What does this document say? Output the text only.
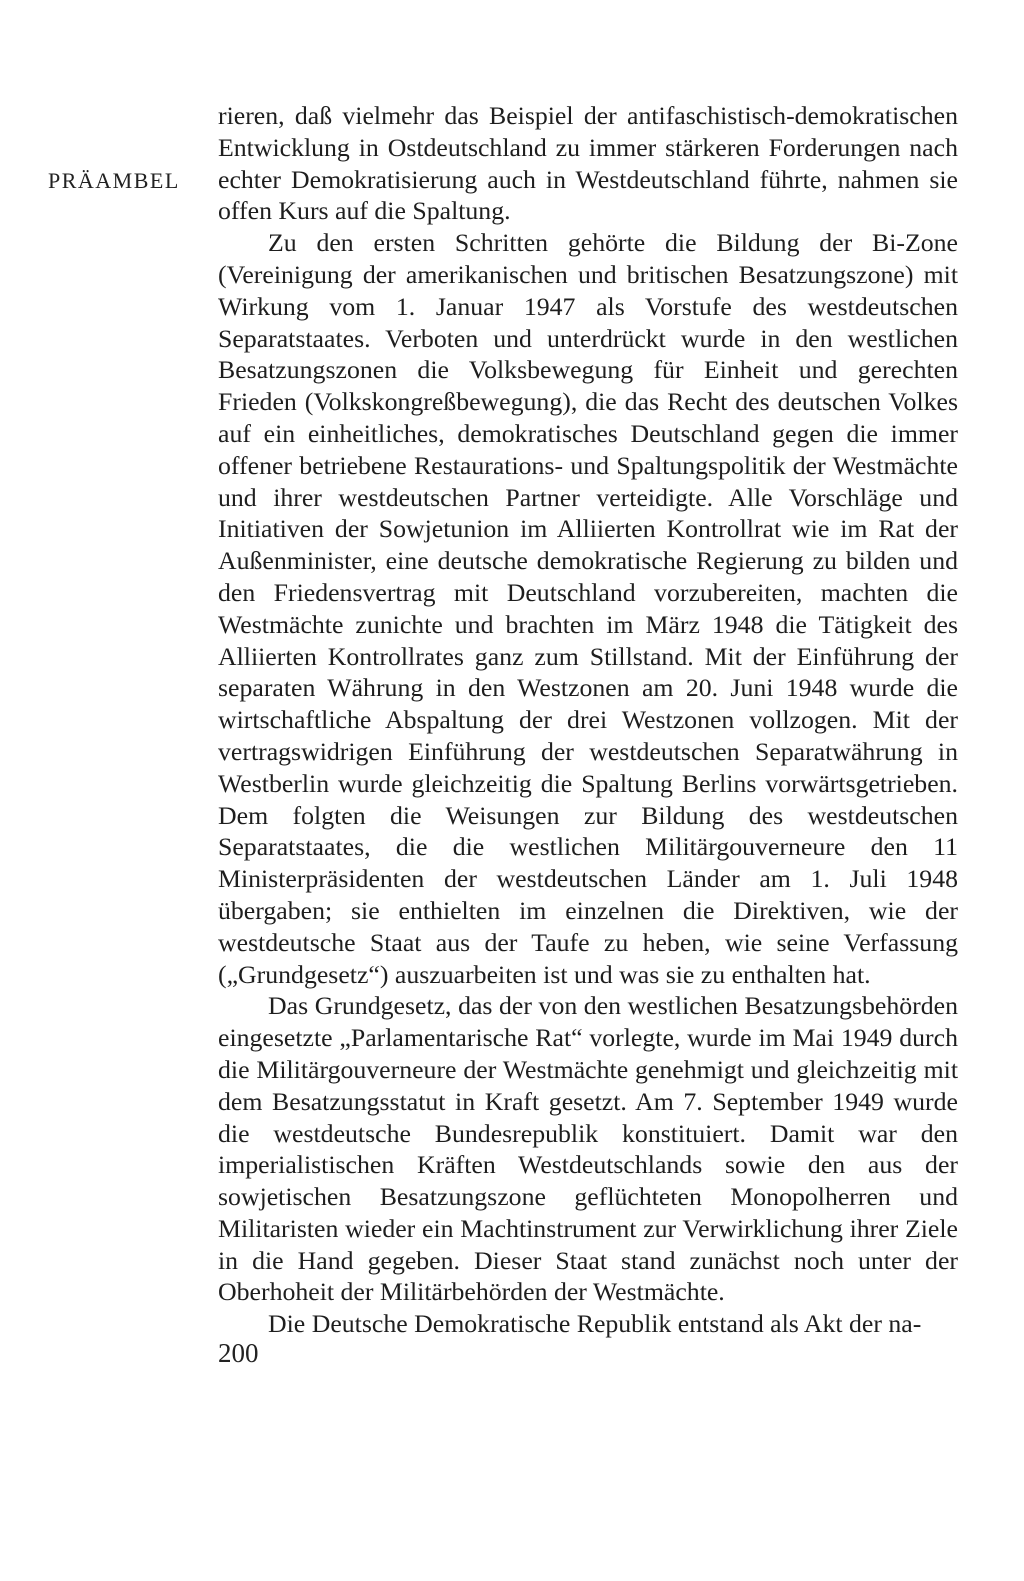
PRÄAMBEL

rieren, daß vielmehr das Beispiel der antifaschistisch-demokratischen Entwicklung in Ostdeutschland zu immer stärkeren Forderungen nach echter Demokratisierung auch in Westdeutschland führte, nahmen sie offen Kurs auf die Spaltung.

Zu den ersten Schritten gehörte die Bildung der Bi-Zone (Vereinigung der amerikanischen und britischen Besatzungszone) mit Wirkung vom 1. Januar 1947 als Vorstufe des westdeutschen Separatstaates. Verboten und unterdrückt wurde in den westlichen Besatzungszonen die Volksbewegung für Einheit und gerechten Frieden (Volkskongreßbewegung), die das Recht des deutschen Volkes auf ein einheitliches, demokratisches Deutschland gegen die immer offener betriebene Restaurations- und Spaltungspolitik der Westmächte und ihrer westdeutschen Partner verteidigte. Alle Vorschläge und Initiativen der Sowjetunion im Alliierten Kontrollrat wie im Rat der Außenminister, eine deutsche demokratische Regierung zu bilden und den Friedensvertrag mit Deutschland vorzubereiten, machten die Westmächte zunichte und brachten im März 1948 die Tätigkeit des Alliierten Kontrollrates ganz zum Stillstand. Mit der Einführung der separaten Währung in den Westzonen am 20. Juni 1948 wurde die wirtschaftliche Abspaltung der drei Westzonen vollzogen. Mit der vertragswidrigen Einführung der westdeutschen Separatwährung in Westberlin wurde gleichzeitig die Spaltung Berlins vorwärtsgetrieben. Dem folgten die Weisungen zur Bildung des westdeutschen Separatstaates, die die westlichen Militärgouverneure den 11 Ministerpräsidenten der westdeutschen Länder am 1. Juli 1948 übergaben; sie enthielten im einzelnen die Direktiven, wie der westdeutsche Staat aus der Taufe zu heben, wie seine Verfassung („Grundgesetz“) auszuarbeiten ist und was sie zu enthalten hat.

Das Grundgesetz, das der von den westlichen Besatzungsbehörden eingesetzte „Parlamentarische Rat“ vorlegte, wurde im Mai 1949 durch die Militärgouverneure der Westmächte genehmigt und gleichzeitig mit dem Besatzungsstatut in Kraft gesetzt. Am 7. September 1949 wurde die westdeutsche Bundesrepublik konstituiert. Damit war den imperialistischen Kräften Westdeutschlands sowie den aus der sowjetischen Besatzungszone geflüchteten Monopolherren und Militaristen wieder ein Machtinstrument zur Verwirklichung ihrer Ziele in die Hand gegeben. Dieser Staat stand zunächst noch unter der Oberhoheit der Militärbehörden der Westmächte.

Die Deutsche Demokratische Republik entstand als Akt der na-

200
